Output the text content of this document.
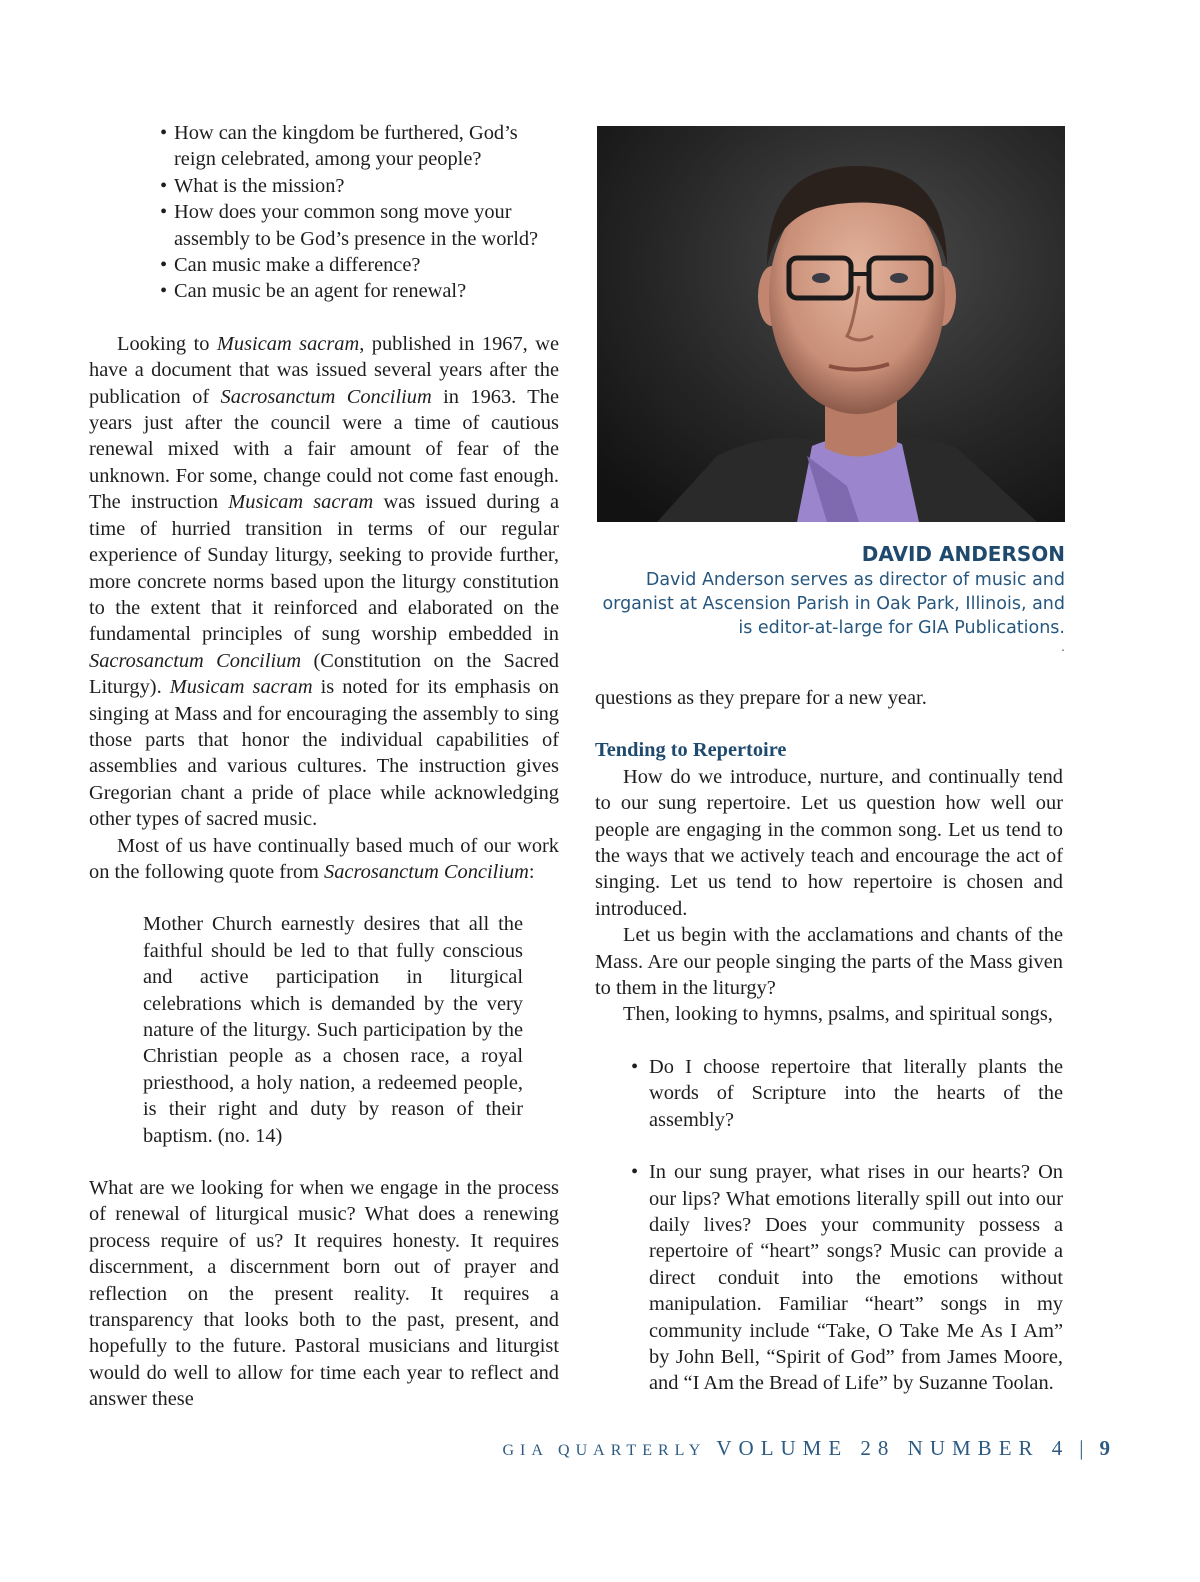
• How can the kingdom be furthered, God’s reign celebrated, among your people?
• What is the mission?
• How does your common song move your assembly to be God’s presence in the world?
• Can music make a difference?
• Can music be an agent for renewal?

Looking to Musicam sacram, published in 1967, we have a document that was issued several years after the publication of Sacrosanctum Concilium in 1963. The years just after the council were a time of cautious renewal mixed with a fair amount of fear of the unknown. For some, change could not come fast enough. The instruction Musicam sacram was issued during a time of hurried transition in terms of our regular experience of Sunday liturgy, seeking to provide further, more concrete norms based upon the liturgy constitution to the extent that it reinforced and elaborated on the fundamental principles of sung worship embedded in Sacrosanctum Concilium (Constitution on the Sacred Liturgy). Musicam sacram is noted for its emphasis on singing at Mass and for encouraging the assembly to sing those parts that honor the individual capabilities of assemblies and various cultures. The instruction gives Gregorian chant a pride of place while acknowledging other types of sacred music.

Most of us have continually based much of our work on the following quote from Sacrosanctum Concilium:

Mother Church earnestly desires that all the faithful should be led to that fully conscious and active participation in liturgical celebrations which is demanded by the very nature of the liturgy. Such participation by the Christian people as a chosen race, a royal priesthood, a holy nation, a redeemed people, is their right and duty by reason of their baptism. (no. 14)

What are we looking for when we engage in the process of renewal of liturgical music? What does a renewing process require of us? It requires honesty. It requires discernment, a discernment born out of prayer and reflection on the present reality. It requires a transparency that looks both to the past, present, and hopefully to the future. Pastoral musicians and liturgist would do well to allow for time each year to reflect and answer these

DAVID ANDERSON
David Anderson serves as director of music and organist at Ascension Parish in Oak Park, Illinois, and is editor-at-large for GIA Publications.
.

questions as they prepare for a new year.

Tending to Repertoire

How do we introduce, nurture, and continually tend to our sung repertoire. Let us question how well our people are engaging in the common song. Let us tend to the ways that we actively teach and encourage the act of singing. Let us tend to how repertoire is chosen and introduced.

Let us begin with the acclamations and chants of the Mass. Are our people singing the parts of the Mass given to them in the liturgy?

Then, looking to hymns, psalms, and spiritual songs,

• Do I choose repertoire that literally plants the words of Scripture into the hearts of the assembly?
• In our sung prayer, what rises in our hearts? On our lips? What emotions literally spill out into our daily lives? Does your community possess a repertoire of “heart” songs? Music can provide a direct conduit into the emotions without manipulation. Familiar “heart” songs in my community include “Take, O Take Me As I Am” by John Bell, “Spirit of God” from James Moore, and “I Am the Bread of Life” by Suzanne Toolan.
GIA QUARTERLY VOLUME 28 NUMBER 4 | 9
